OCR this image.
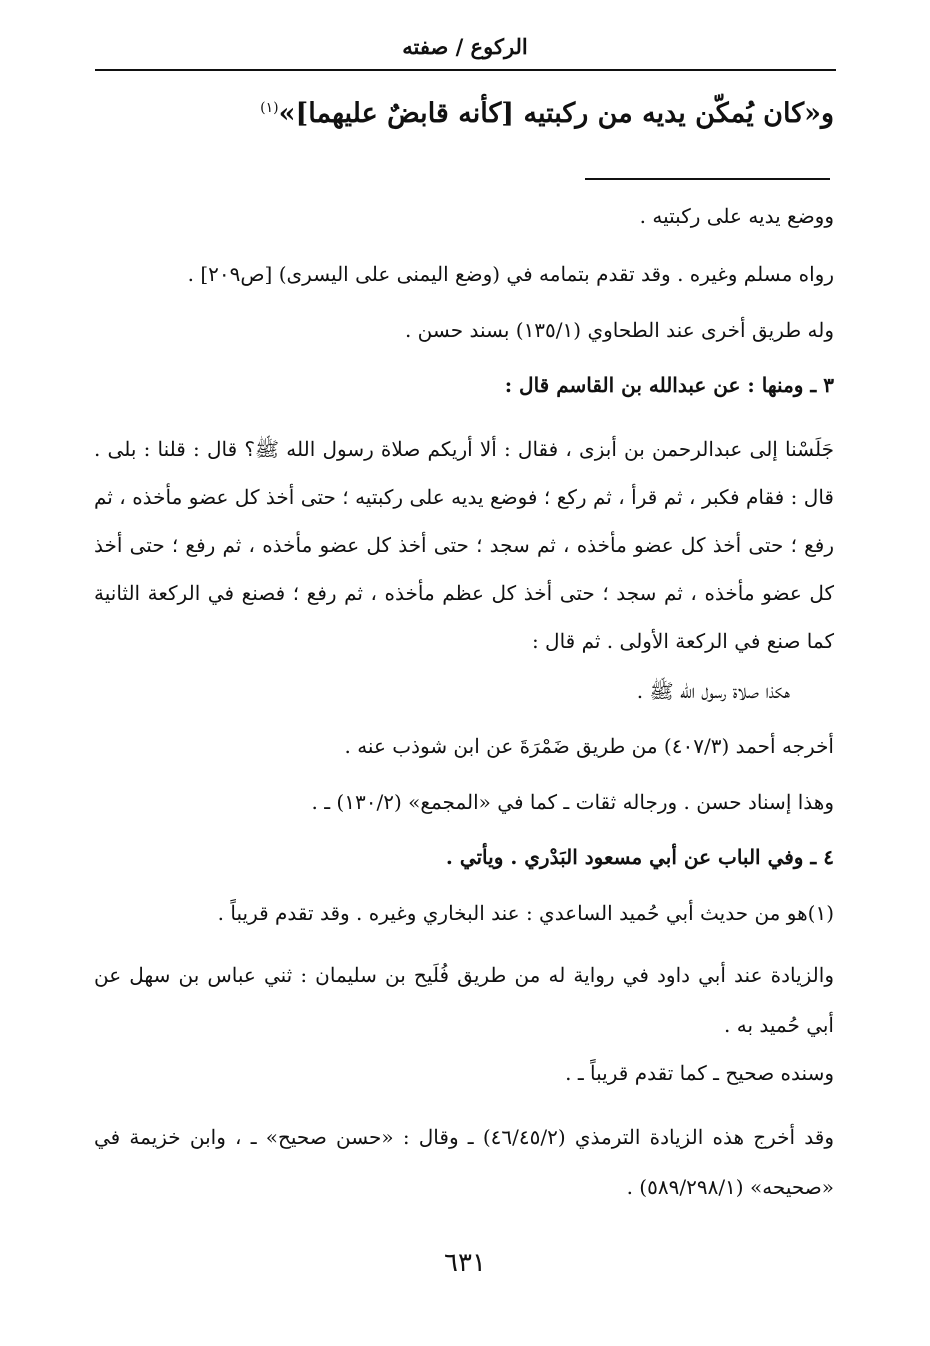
الركوع / صفته
و«كان يُمكّن يديه من ركبتيه [كأنه قابضٌ عليهما]»$^{(١)}$
ووضع يديه على ركبتيه .
رواه مسلم وغيره . وقد تقدم بتمامه في (وضع اليمنى على اليسرى) [ص٢٠٩] .
وله طريق أخرى عند الطحاوي (١٣٥/١) بسند حسن .
٣ ـ ومنها : عن عبدالله بن القاسم قال :
جَلَسْنا إلى عبدالرحمن بن أبزى ، فقال : ألا أريكم صلاة رسول الله ﷺ؟ قال : قلنا : بلى . قال : فقام فكبر ، ثم قرأ ، ثم ركع ؛ فوضع يديه على ركبتيه ؛ حتى أخذ كل عضو مأخذه ، ثم رفع ؛ حتى أخذ كل عضو مأخذه ، ثم سجد ؛ حتى أخذ كل عضو مأخذه ، ثم رفع ؛ حتى أخذ كل عضو مأخذه ، ثم سجد ؛ حتى أخذ كل عظم مأخذه ، ثم رفع ؛ فصنع في الركعة الثانية كما صنع في الركعة الأولى . ثم قال :
هكذا صلاة رسول الله ﷺ .
أخرجه أحمد (٤٠٧/٣) من طريق ضَمْرَةَ عن ابن شوذب عنه .
وهذا إسناد حسن . ورجاله ثقات ـ كما في «المجمع» (١٣٠/٢) ـ .
٤ ـ وفي الباب عن أبي مسعود البَدْري . ويأتي .
(١)هو من حديث أبي حُميد الساعدي : عند البخاري وغيره . وقد تقدم قريباً .
والزيادة عند أبي داود في رواية له من طريق فُلَيح بن سليمان : ثني عباس بن سهل عن أبي حُميد به .
وسنده صحيح ـ كما تقدم قريباً ـ .
وقد أخرج هذه الزيادة الترمذي (٤٦/٤٥/٢) ـ وقال : «حسن صحيح» ـ ، وابن خزيمة في «صحيحه» (٥٨٩/٢٩٨/١) .
٦٣١
